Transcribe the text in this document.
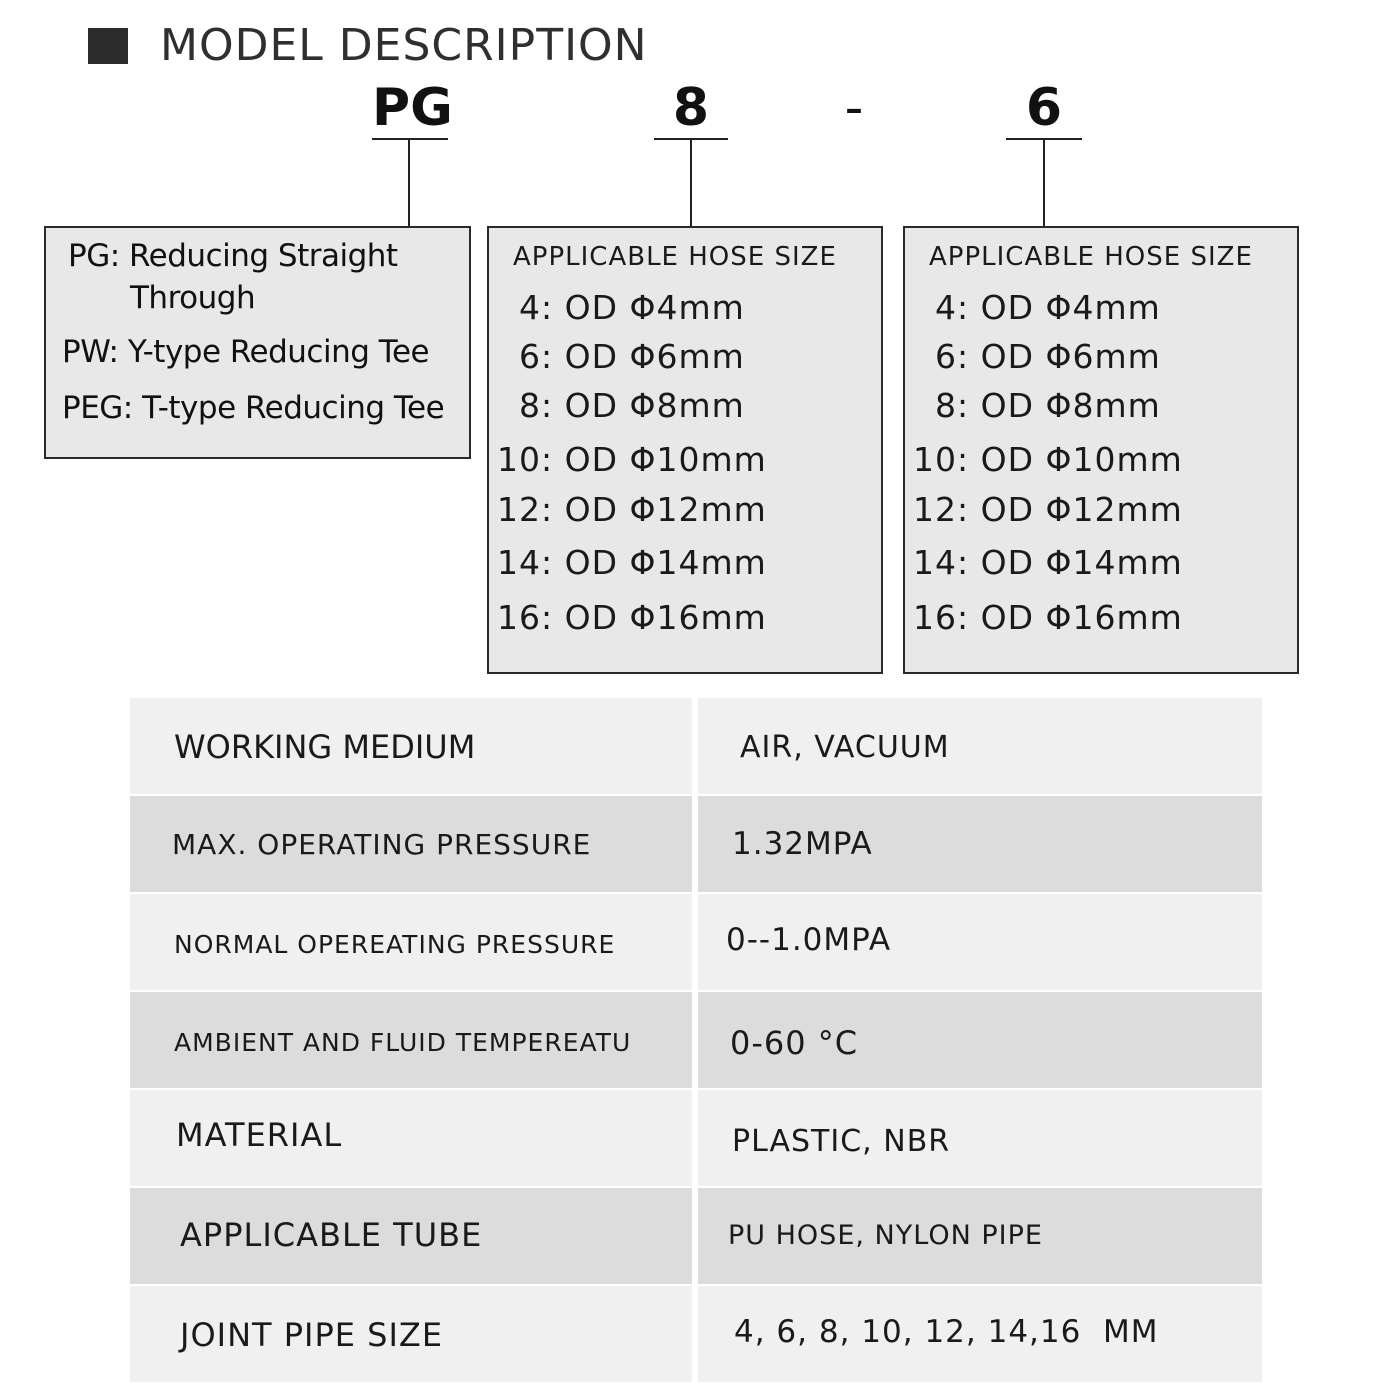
MODEL DESCRIPTION
PG	8	-	6
PG: Reducing Straight
Through
PW: Y-type Reducing Tee
PEG: T-type Reducing Tee
APPLICABLE HOSE SIZE
4: OD Φ4mm
6: OD Φ6mm
8: OD Φ8mm
10: OD Φ10mm
12: OD Φ12mm
14: OD Φ14mm
16: OD Φ16mm
APPLICABLE HOSE SIZE
4: OD Φ4mm
6: OD Φ6mm
8: OD Φ8mm
10: OD Φ10mm
12: OD Φ12mm
14: OD Φ14mm
16: OD Φ16mm
WORKING MEDIUM	AIR, VACUUM
MAX. OPERATING PRESSURE	1.32MPA
NORMAL OPEREATING PRESSURE	0--1.0MPA
AMBIENT AND FLUID TEMPEREATU	0-60 °C
MATERIAL	PLASTIC, NBR
APPLICABLE TUBE	PU HOSE, NYLON PIPE
JOINT PIPE SIZE	4, 6, 8, 10, 12, 14,16  MM
